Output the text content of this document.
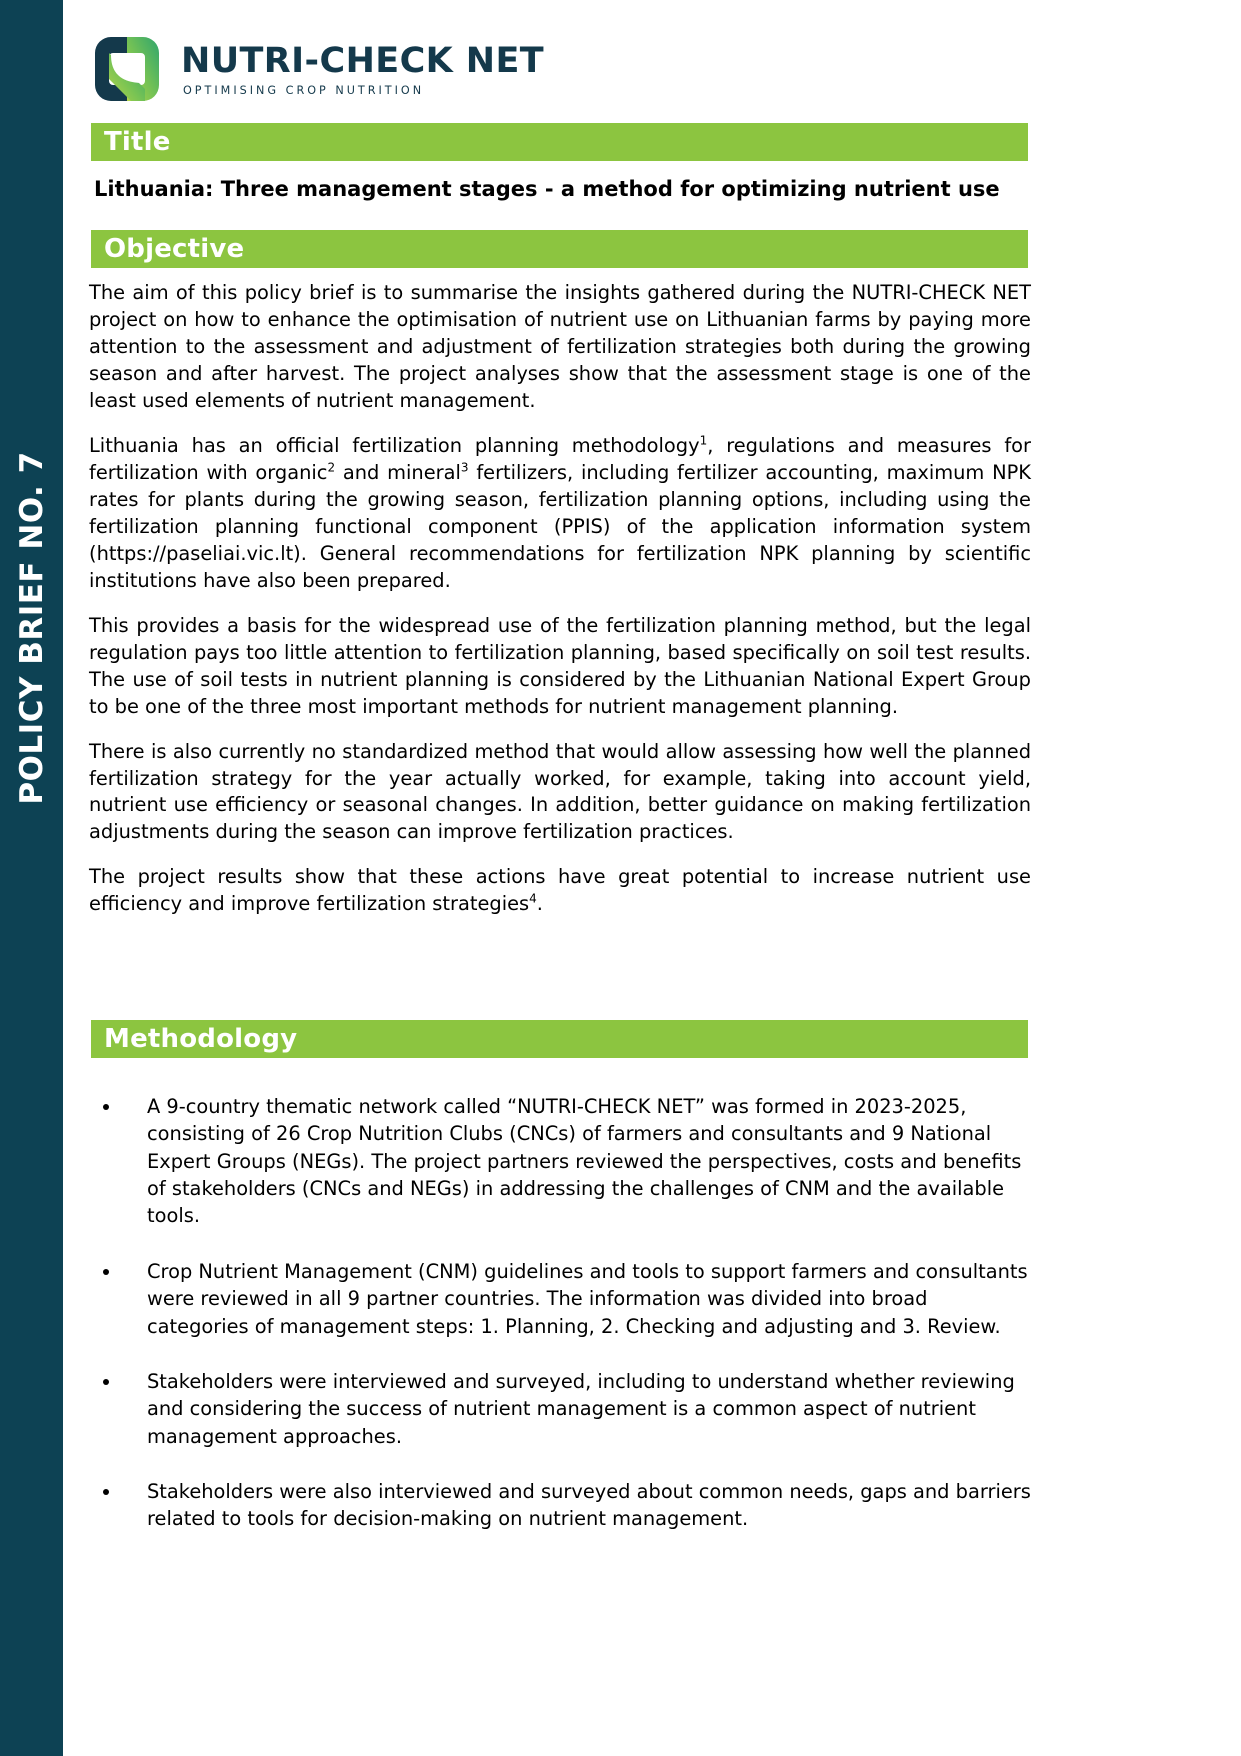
POLICY BRIEF NO. 7
NUTRI-CHECK NET
OPTIMISING CROP NUTRITION
Title
Lithuania: Three management stages - a method for optimizing nutrient use
Objective

The aim of this policy brief is to summarise the insights gathered during the NUTRI-CHECK NET project on how to enhance the optimisation of nutrient use on Lithuanian farms by paying more attention to the assessment and adjustment of fertilization strategies both during the growing season and after harvest. The project analyses show that the assessment stage is one of the least used elements of nutrient management.

Lithuania has an official fertilization planning methodology$^1$, regulations and measures for fertilization with organic$^2$ and mineral$^3$ fertilizers, including fertilizer accounting, maximum NPK rates for plants during the growing season, fertilization planning options, including using the fertilization planning functional component (PPIS) of the application information system (https://paseliai.vic.lt). General recommendations for fertilization NPK planning by scientific institutions have also been prepared.

This provides a basis for the widespread use of the fertilization planning method, but the legal regulation pays too little attention to fertilization planning, based specifically on soil test results. The use of soil tests in nutrient planning is considered by the Lithuanian National Expert Group to be one of the three most important methods for nutrient management planning.

There is also currently no standardized method that would allow assessing how well the planned fertilization strategy for the year actually worked, for example, taking into account yield, nutrient use efficiency or seasonal changes. In addition, better guidance on making fertilization adjustments during the season can improve fertilization practices.

The project results show that these actions have great potential to increase nutrient use efficiency and improve fertilization strategies$^4$.

Methodology
A 9-country thematic network called “NUTRI-CHECK NET” was formed in 2023-2025, consisting of 26 Crop Nutrition Clubs (CNCs) of farmers and consultants and 9 National Expert Groups (NEGs). The project partners reviewed the perspectives, costs and benefits of stakeholders (CNCs and NEGs) in addressing the challenges of CNM and the available tools.
Crop Nutrient Management (CNM) guidelines and tools to support farmers and consultants were reviewed in all 9 partner countries. The information was divided into broad categories of management steps: 1. Planning, 2. Checking and adjusting and 3. Review.
Stakeholders were interviewed and surveyed, including to understand whether reviewing and considering the success of nutrient management is a common aspect of nutrient management approaches.
Stakeholders were also interviewed and surveyed about common needs, gaps and barriers related to tools for decision-making on nutrient management.
